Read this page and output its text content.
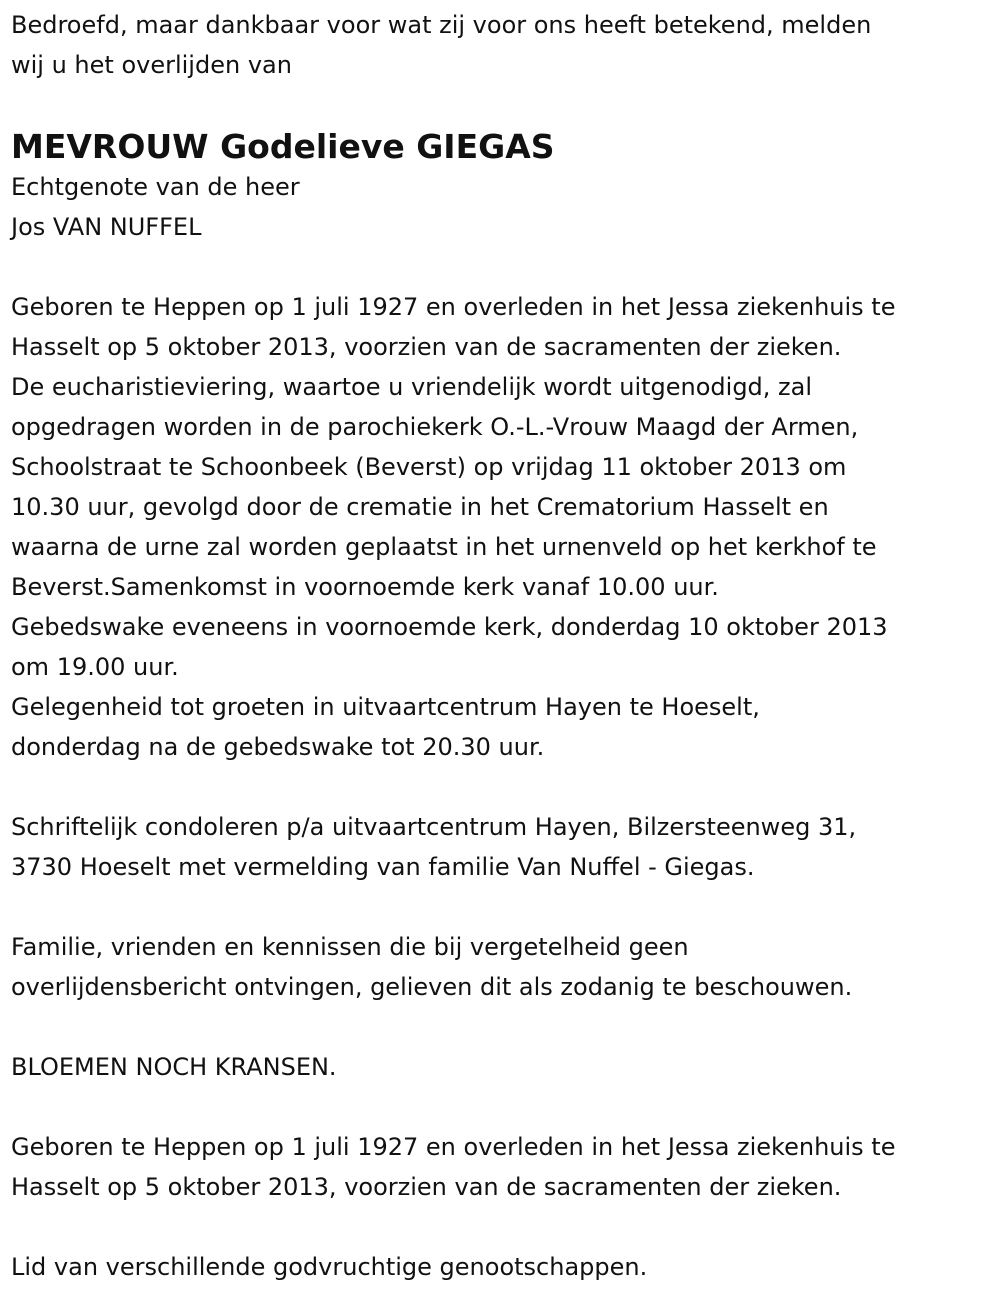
Bedroefd, maar dankbaar voor wat zij voor ons heeft betekend, melden
wij u het overlijden van
MEVROUW Godelieve GIEGAS
Echtgenote van de heer
Jos VAN NUFFEL
Geboren te Heppen op 1 juli 1927 en overleden in het Jessa ziekenhuis te
Hasselt op 5 oktober 2013, voorzien van de sacramenten der zieken.
De eucharistieviering, waartoe u vriendelijk wordt uitgenodigd, zal
opgedragen worden in de parochiekerk O.-L.-Vrouw Maagd der Armen,
Schoolstraat te Schoonbeek (Beverst) op vrijdag 11 oktober 2013 om
10.30 uur, gevolgd door de crematie in het Crematorium Hasselt en
waarna de urne zal worden geplaatst in het urnenveld op het kerkhof te
Beverst.Samenkomst in voornoemde kerk vanaf 10.00 uur.
Gebedswake eveneens in voornoemde kerk, donderdag 10 oktober 2013
om 19.00 uur.
Gelegenheid tot groeten in uitvaartcentrum Hayen te Hoeselt,
donderdag na de gebedswake tot 20.30 uur.
Schriftelijk condoleren p/a uitvaartcentrum Hayen, Bilzersteenweg 31,
3730 Hoeselt met vermelding van familie Van Nuffel - Giegas.
Familie, vrienden en kennissen die bij vergetelheid geen
overlijdensbericht ontvingen, gelieven dit als zodanig te beschouwen.
BLOEMEN NOCH KRANSEN.
Geboren te Heppen op 1 juli 1927 en overleden in het Jessa ziekenhuis te
Hasselt op 5 oktober 2013, voorzien van de sacramenten der zieken.
Lid van verschillende godvruchtige genootschappen.
